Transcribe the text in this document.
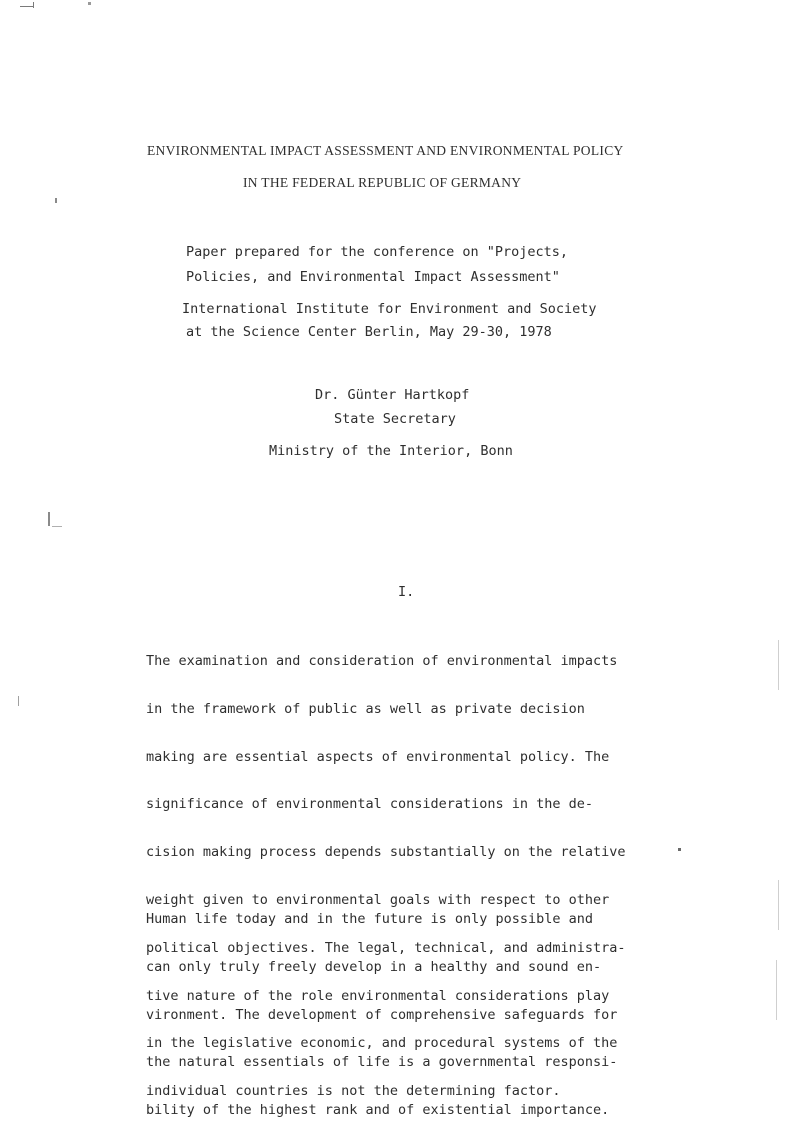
ENVIRONMENTAL IMPACT ASSESSMENT AND ENVIRONMENTAL POLICY
IN THE FEDERAL REPUBLIC OF GERMANY
Paper prepared for the conference on "Projects,
Policies, and Environmental Impact Assessment"
International Institute for Environment and Society
at the Science Center Berlin, May 29-30, 1978
Dr. Günter Hartkopf
State Secretary
Ministry of the Interior, Bonn
I.

The examination and consideration of environmental impacts

in the framework of public as well as private decision

making are essential aspects of environmental policy. The

significance of environmental considerations in the de-

cision making process depends substantially on the relative

weight given to environmental goals with respect to other

political objectives. The legal, technical, and administra-

tive nature of the role environmental considerations play

in the legislative economic, and procedural systems of the

individual countries is not the determining factor.

Human life today and in the future is only possible and

can only truly freely develop in a healthy and sound en-

vironment. The development of comprehensive safeguards for

the natural essentials of life is a governmental responsi-

bility of the highest rank and of existential importance.
